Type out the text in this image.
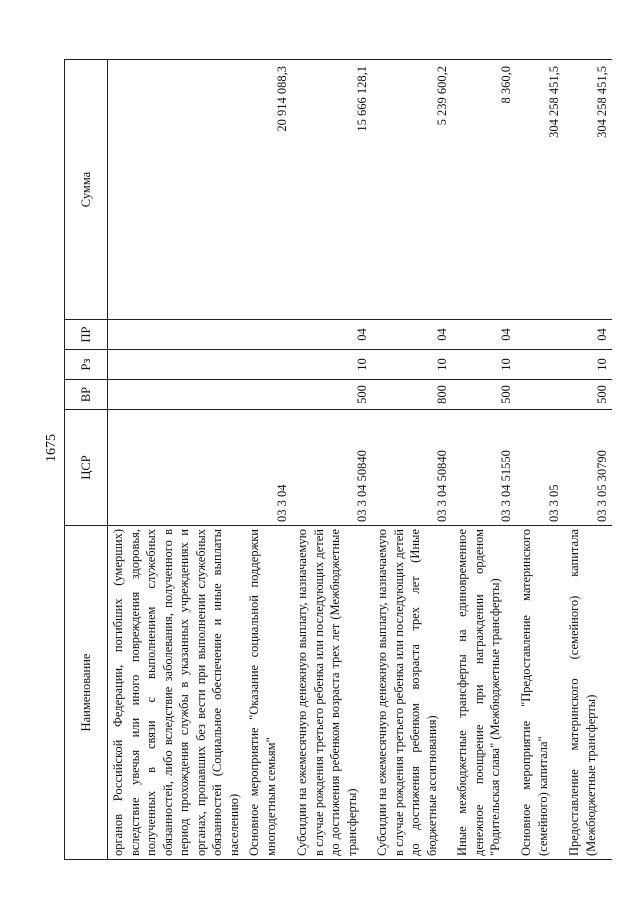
1675
Наименование	ЦСР	ВР	Рз	ПР	Сумма
органов Российской Федерации, погибших (умерших) вследствие увечья или иного повреждения здоровья, полученных в связи с выполнением служебных обязанностей, либо вследствие заболевания, полученного в период прохождения службы в указанных учреждениях и органах, пропавших без вести при выполнении служебных обязанностей (Социальное обеспечение и иные выплаты населению)					
Основное мероприятие "Оказание социальной поддержки многодетным семьям"	03 3 04				20 914 088,3
Субсидии на ежемесячную денежную выплату, назначаемую в случае рождения третьего ребенка или последующих детей до достижения ребенком возраста трех лет (Межбюджетные трансферты)	03 3 04 50840	500	10	04	15 666 128,1
Субсидии на ежемесячную денежную выплату, назначаемую в случае рождения третьего ребенка или последующих детей до достижения ребенком возраста трех лет (Иные бюджетные ассигнования)	03 3 04 50840	800	10	04	5 239 600,2
Иные межбюджетные трансферты на единовременное денежное поощрение при награждении орденом "Родительская слава" (Межбюджетные трансферты)	03 3 04 51550	500	10	04	8 360,0
Основное мероприятие "Предоставление материнского (семейного) капитала"	03 3 05				304 258 451,5
Предоставление материнского (семейного) капитала (Межбюджетные трансферты)	03 3 05 30790	500	10	04	304 258 451,5
